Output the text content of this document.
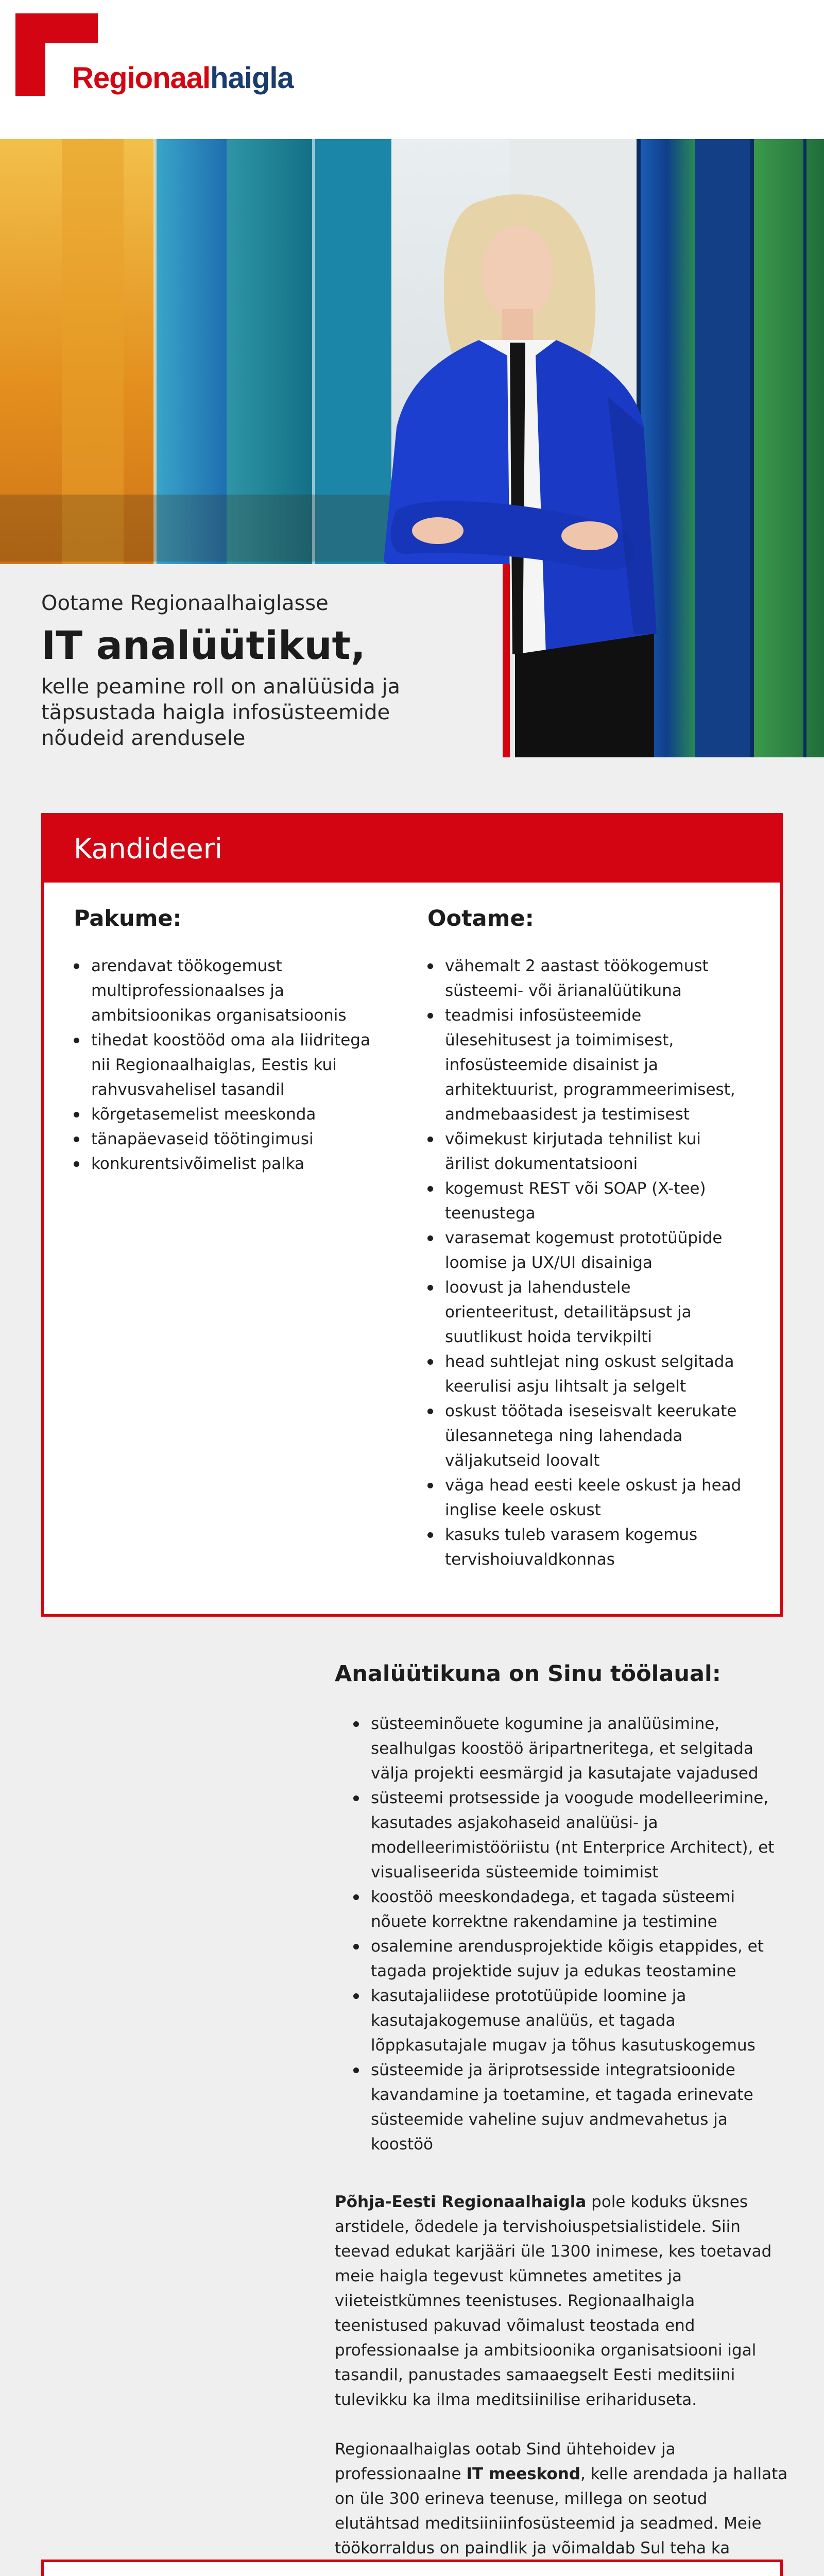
Regionaalhaigla
Ootame Regionaalhaiglasse
IT analüütikut,
kelle peamine roll on analüüsida ja täpsustada haigla infosüsteemide nõudeid arendusele
Kandideeri
Pakume:
arendavat töökogemust multiprofessionaalses ja ambitsioonikas organisatsioonis
tihedat koostööd oma ala liidritega nii Regionaalhaiglas, Eestis kui rahvusvahelisel tasandil
kõrgetasemelist meeskonda
tänapäevaseid töötingimusi
konkurentsivõimelist palka
Ootame:
vähemalt 2 aastast töökogemust süsteemi- või ärianalüütikuna
teadmisi infosüsteemide ülesehitusest ja toimimisest, infosüsteemide disainist ja arhitektuurist, programmeerimisest, andmebaasidest ja testimisest
võimekust kirjutada tehnilist kui ärilist dokumentatsiooni
kogemust REST või SOAP (X-tee) teenustega
varasemat kogemust prototüüpide loomise ja UX/UI disainiga
loovust ja lahendustele orienteeritust, detailitäpsust ja suutlikust hoida tervikpilti
head suhtlejat ning oskust selgitada keerulisi asju lihtsalt ja selgelt
oskust töötada iseseisvalt keerukate ülesannetega ning lahendada väljakutseid loovalt
väga head eesti keele oskust ja head inglise keele oskust
kasuks tuleb varasem kogemus tervishoiuvaldkonnas
Analüütikuna on Sinu töölaual:
süsteeminõuete kogumine ja analüüsimine, sealhulgas koostöö äripartneritega, et selgitada välja projekti eesmärgid ja kasutajate vajadused
süsteemi protsesside ja voogude modelleerimine, kasutades asjakohaseid analüüsi- ja modelleerimistööriistu (nt Enterprice Architect), et visualiseerida süsteemide toimimist
koostöö meeskondadega, et tagada süsteemi nõuete korrektne rakendamine ja testimine
osalemine arendusprojektide kõigis etappides, et tagada projektide sujuv ja edukas teostamine
kasutajaliidese prototüüpide loomine ja kasutajakogemuse analüüs, et tagada lõppkasutajale mugav ja tõhus kasutuskogemus
süsteemide ja äriprotsesside integratsioonide kavandamine ja toetamine, et tagada erinevate süsteemide vaheline sujuv andmevahetus ja koostöö

Põhja-Eesti Regionaalhaigla pole koduks üksnes arstidele, õdedele ja tervishoiuspetsialistidele. Siin teevad edukat karjääri üle 1300 inimese, kes toetavad meie haigla tegevust kümnetes ametites ja viieteistkümnes teenistuses. Regionaalhaigla teenistused pakuvad võimalust teostada end professionaalse ja ambitsioonika organisatsiooni igal tasandil, panustades samaaegselt Eesti meditsiini tulevikku ka ilma meditsiinilise erihariduseta.

Regionaalhaiglas ootab Sind ühtehoidev ja professionaalne IT meeskond, kelle arendada ja hallata on üle 300 erineva teenuse, millega on seotud elutähtsad meditsiiniinfosüsteemid ja seadmed. Meie töökorraldus on paindlik ja võimaldab Sul teha ka
